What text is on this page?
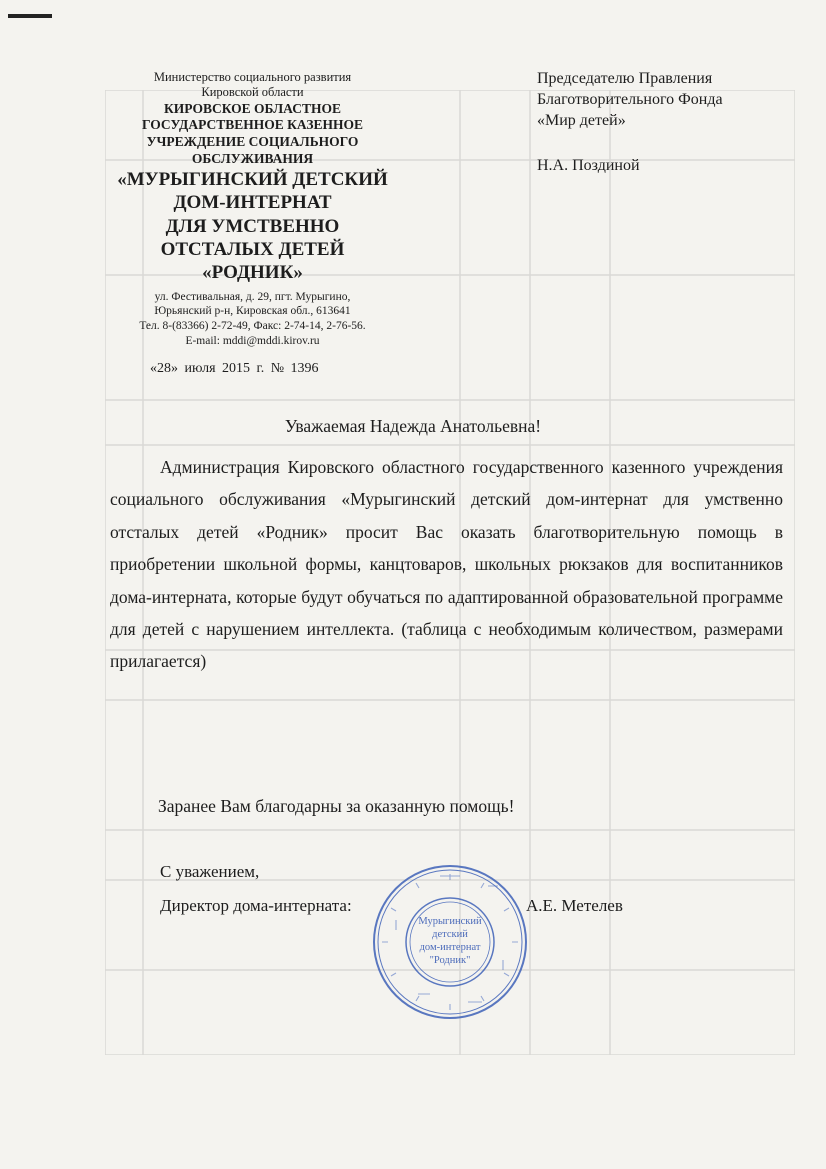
Министерство социального развития
Кировской области
КИРОВСКОЕ ОБЛАСТНОЕ
ГОСУДАРСТВЕННОЕ КАЗЕННОЕ
УЧРЕЖДЕНИЕ СОЦИАЛЬНОГО
ОБСЛУЖИВАНИЯ
«МУРЫГИНСКИЙ ДЕТСКИЙ
ДОМ-ИНТЕРНАТ
ДЛЯ УМСТВЕННО
ОТСТАЛЫХ ДЕТЕЙ
«РОДНИК»
ул. Фестивальная, д. 29, пгт. Мурыгино,
Юрьянский р-н, Кировская обл., 613641
Тел. 8-(83366) 2-72-49, Факс: 2-74-14, 2-76-56.
E-mail: mddi@mddi.kirov.ru
«28» июля 2015 г. № 1396
Председателю Правления
Благотворительного Фонда
«Мир детей»
Н.А. Поздиной
Уважаемая Надежда Анатольевна!

Администрация Кировского областного государственного казенного учреждения социального обслуживания «Мурыгинский детский дом-интернат для умственно отсталых детей «Родник» просит Вас оказать благотворительную помощь в приобретении школьной формы, канцтоваров, школьных рюкзаков для воспитанников дома-интерната, которые будут обучаться по адаптированной образовательной программе для детей с нарушением интеллекта. (таблица с необходимым количеством, размерами прилагается)

Заранее Вам благодарны за оказанную помощь!
С уважением,
Директор дома-интерната:	А.Е. Метелев
Мурыгинский
детский
дом-интернат
"Родник"
